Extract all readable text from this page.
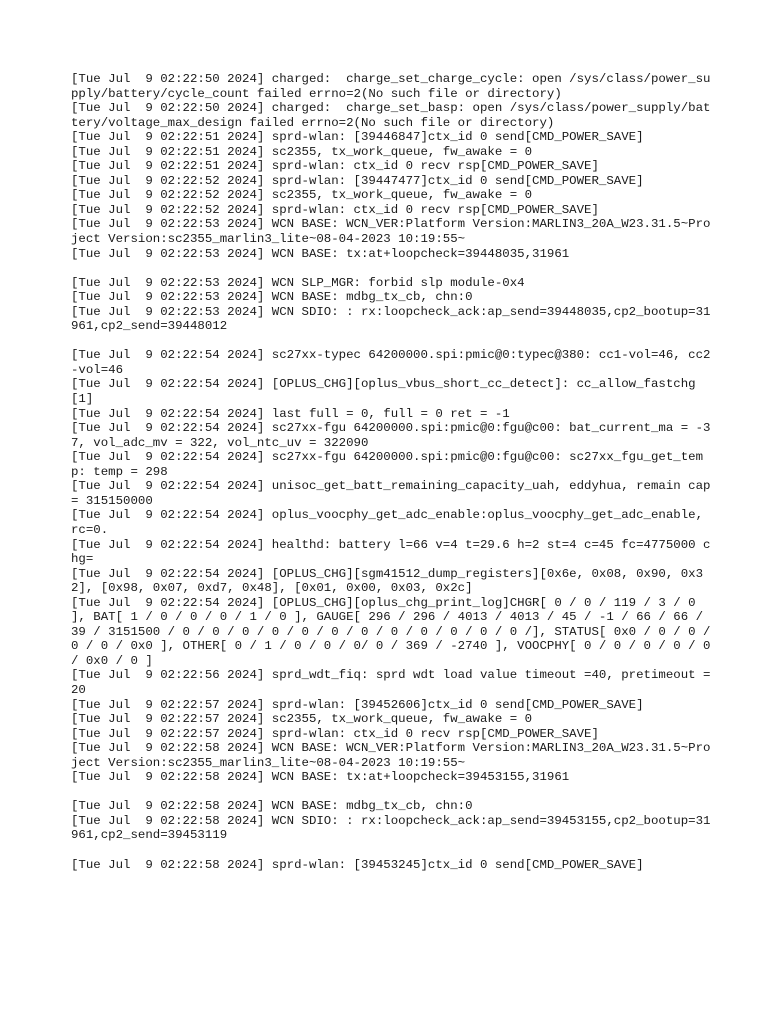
[Tue Jul  9 02:22:50 2024] charged:  charge_set_charge_cycle: open /sys/class/power_supply/battery/cycle_count failed errno=2(No such file or directory)
[Tue Jul  9 02:22:50 2024] charged:  charge_set_basp: open /sys/class/power_supply/battery/voltage_max_design failed errno=2(No such file or directory)
[Tue Jul  9 02:22:51 2024] sprd-wlan: [39446847]ctx_id 0 send[CMD_POWER_SAVE]
[Tue Jul  9 02:22:51 2024] sc2355, tx_work_queue, fw_awake = 0
[Tue Jul  9 02:22:51 2024] sprd-wlan: ctx_id 0 recv rsp[CMD_POWER_SAVE]
[Tue Jul  9 02:22:52 2024] sprd-wlan: [39447477]ctx_id 0 send[CMD_POWER_SAVE]
[Tue Jul  9 02:22:52 2024] sc2355, tx_work_queue, fw_awake = 0
[Tue Jul  9 02:22:52 2024] sprd-wlan: ctx_id 0 recv rsp[CMD_POWER_SAVE]
[Tue Jul  9 02:22:53 2024] WCN BASE: WCN_VER:Platform Version:MARLIN3_20A_W23.31.5~Project Version:sc2355_marlin3_lite~08-04-2023 10:19:55~
[Tue Jul  9 02:22:53 2024] WCN BASE: tx:at+loopcheck=39448035,31961
[Tue Jul  9 02:22:53 2024] WCN SLP_MGR: forbid slp module-0x4
[Tue Jul  9 02:22:53 2024] WCN BASE: mdbg_tx_cb, chn:0
[Tue Jul  9 02:22:53 2024] WCN SDIO: : rx:loopcheck_ack:ap_send=39448035,cp2_bootup=31961,cp2_send=39448012
[Tue Jul  9 02:22:54 2024] sc27xx-typec 64200000.spi:pmic@0:typec@380: cc1-vol=46, cc2-vol=46
[Tue Jul  9 02:22:54 2024] [OPLUS_CHG][oplus_vbus_short_cc_detect]: cc_allow_fastchg [1]
[Tue Jul  9 02:22:54 2024] last full = 0, full = 0 ret = -1
[Tue Jul  9 02:22:54 2024] sc27xx-fgu 64200000.spi:pmic@0:fgu@c00: bat_current_ma = -37, vol_adc_mv = 322, vol_ntc_uv = 322090
[Tue Jul  9 02:22:54 2024] sc27xx-fgu 64200000.spi:pmic@0:fgu@c00: sc27xx_fgu_get_temp: temp = 298
[Tue Jul  9 02:22:54 2024] unisoc_get_batt_remaining_capacity_uah, eddyhua, remain cap = 315150000
[Tue Jul  9 02:22:54 2024] oplus_voocphy_get_adc_enable:oplus_voocphy_get_adc_enable, rc=0.
[Tue Jul  9 02:22:54 2024] healthd: battery l=66 v=4 t=29.6 h=2 st=4 c=45 fc=4775000 chg=
[Tue Jul  9 02:22:54 2024] [OPLUS_CHG][sgm41512_dump_registers][0x6e, 0x08, 0x90, 0x32], [0x98, 0x07, 0xd7, 0x48], [0x01, 0x00, 0x03, 0x2c]
[Tue Jul  9 02:22:54 2024] [OPLUS_CHG][oplus_chg_print_log]CHGR[ 0 / 0 / 119 / 3 / 0 ], BAT[ 1 / 0 / 0 / 0 / 1 / 0 ], GAUGE[ 296 / 296 / 4013 / 4013 / 45 / -1 / 66 / 66 / 39 / 3151500 / 0 / 0 / 0 / 0 / 0 / 0 / 0 / 0 / 0 / 0 / 0 / 0 /], STATUS[ 0x0 / 0 / 0 / 0 / 0 / 0x0 ], OTHER[ 0 / 1 / 0 / 0 / 0/ 0 / 369 / -2740 ], VOOCPHY[ 0 / 0 / 0 / 0 / 0 / 0x0 / 0 ]
[Tue Jul  9 02:22:56 2024] sprd_wdt_fiq: sprd wdt load value timeout =40, pretimeout =20
[Tue Jul  9 02:22:57 2024] sprd-wlan: [39452606]ctx_id 0 send[CMD_POWER_SAVE]
[Tue Jul  9 02:22:57 2024] sc2355, tx_work_queue, fw_awake = 0
[Tue Jul  9 02:22:57 2024] sprd-wlan: ctx_id 0 recv rsp[CMD_POWER_SAVE]
[Tue Jul  9 02:22:58 2024] WCN BASE: WCN_VER:Platform Version:MARLIN3_20A_W23.31.5~Project Version:sc2355_marlin3_lite~08-04-2023 10:19:55~
[Tue Jul  9 02:22:58 2024] WCN BASE: tx:at+loopcheck=39453155,31961
[Tue Jul  9 02:22:58 2024] WCN BASE: mdbg_tx_cb, chn:0
[Tue Jul  9 02:22:58 2024] WCN SDIO: : rx:loopcheck_ack:ap_send=39453155,cp2_bootup=31961,cp2_send=39453119
[Tue Jul  9 02:22:58 2024] sprd-wlan: [39453245]ctx_id 0 send[CMD_POWER_SAVE]
